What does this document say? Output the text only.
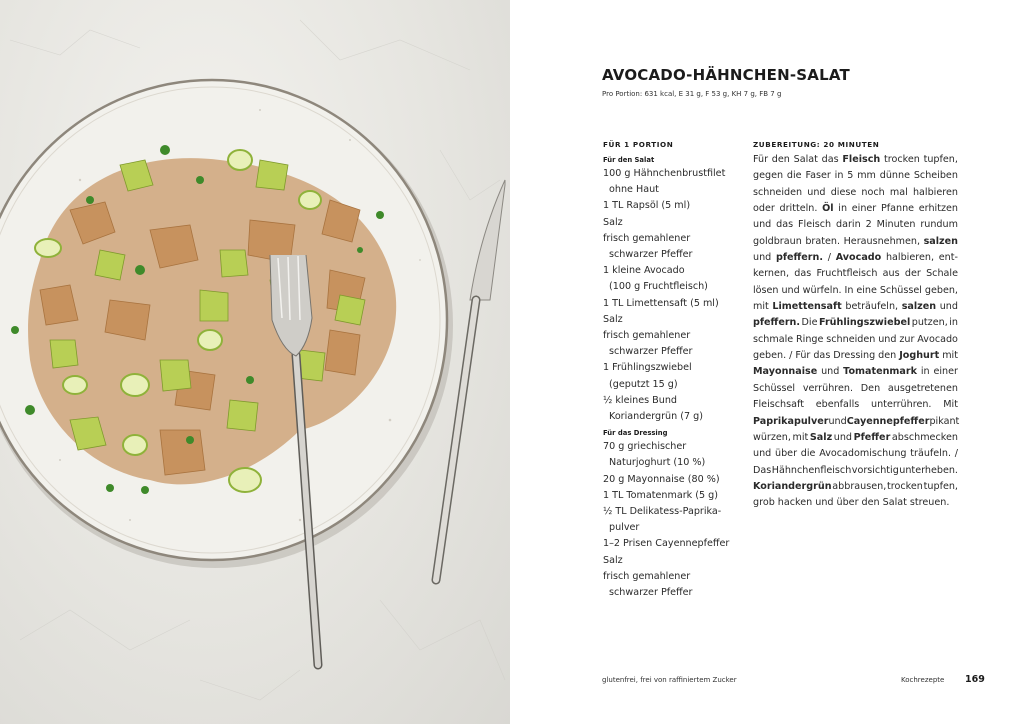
AVOCADO-HÄHNCHEN-SALAT
Pro Portion: 631 kcal, E 31 g, F 53 g, KH 7 g, FB 7 g
FÜR 1 PORTION
Für den Salat
100 g Hähnchenbrustfilet
ohne Haut
1 TL Rapsöl (5 ml)
Salz
frisch gemahlener
schwarzer Pfeffer
1 kleine Avocado
(100 g Fruchtfleisch)
1 TL Limettensaft (5 ml)
Salz
frisch gemahlener
schwarzer Pfeffer
1 Frühlingszwiebel
(geputzt 15 g)
½ kleines Bund
Koriandergrün (7 g)
Für das Dressing
70 g griechischer
Naturjoghurt (10 %)
20 g Mayonnaise (80 %)
1 TL Tomatenmark (5 g)
½ TL Delikatess-Paprika-
pulver
1–2 Prisen Cayennepfeffer
Salz
frisch gemahlener
schwarzer Pfeffer
ZUBEREITUNG: 20 MINUTEN
Für den Salat das Fleisch trocken tupfen,
gegen die Faser in 5 mm dünne Scheiben
schneiden und diese noch mal halbieren
oder dritteln. Öl in einer Pfanne erhitzen
und das Fleisch darin 2 Minuten rundum
goldbraun braten. Herausnehmen, salzen
und pfeffern. / Avocado halbieren, ent-
kernen, das Fruchtfleisch aus der Schale
lösen und würfeln. In eine Schüssel geben,
mit Limettensaft beträufeln, salzen und
pfeffern. Die Frühlingszwiebel putzen, in
schmale Ringe schneiden und zur Avocado
geben. / Für das Dressing den Joghurt mit
Mayonnaise und Tomatenmark in einer
Schüssel verrühren. Den ausgetretenen
Fleischsaft ebenfalls unterrühren. Mit
Paprikapulver und Cayennepfeffer pikant
würzen, mit Salz und Pfeffer abschmecken
und über die Avocadomischung träufeln. /
Das Hähnchenfleisch vorsichtig unterheben.
Koriandergrün abbrausen, trocken tupfen,
grob hacken und über den Salat streuen.
glutenfrei, frei von raffiniertem Zucker	Kochrezepte 169
